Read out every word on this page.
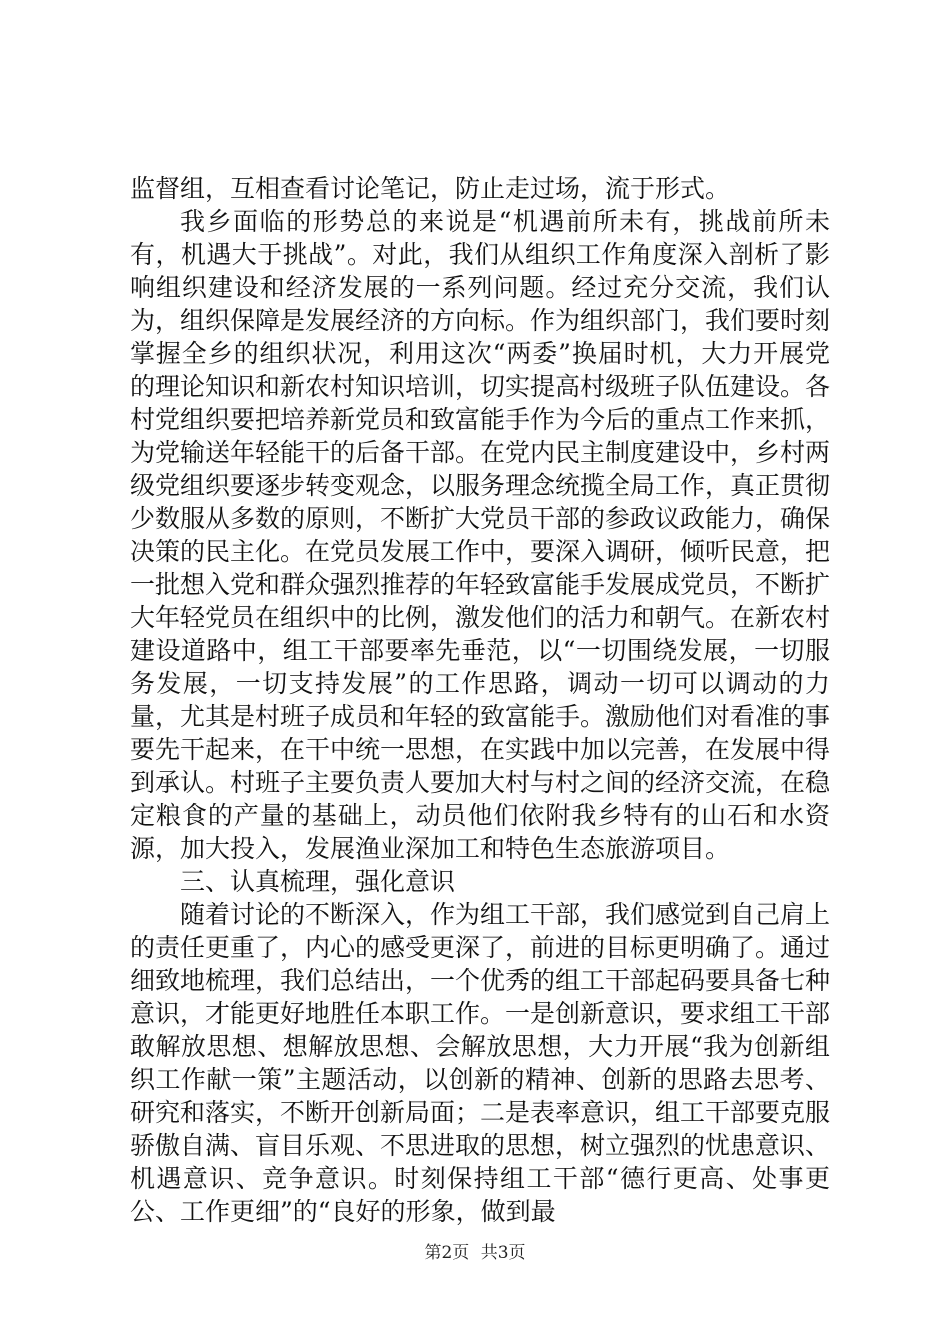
监督组，互相查看讨论笔记，防止走过场，流于形式。

我乡面临的形势总的来说是“机遇前所未有，挑战前所未有，机遇大于挑战”。对此，我们从组织工作角度深入剖析了影响组织建设和经济发展的一系列问题。经过充分交流，我们认为，组织保障是发展经济的方向标。作为组织部门，我们要时刻掌握全乡的组织状况，利用这次“两委”换届时机，大力开展党的理论知识和新农村知识培训，切实提高村级班子队伍建设。各村党组织要把培养新党员和致富能手作为今后的重点工作来抓，为党输送年轻能干的后备干部。在党内民主制度建设中，乡村两级党组织要逐步转变观念，以服务理念统揽全局工作，真正贯彻少数服从多数的原则，不断扩大党员干部的参政议政能力，确保决策的民主化。在党员发展工作中，要深入调研，倾听民意，把一批想入党和群众强烈推荐的年轻致富能手发展成党员，不断扩大年轻党员在组织中的比例，激发他们的活力和朝气。在新农村建设道路中，组工干部要率先垂范，以“一切围绕发展，一切服务发展，一切支持发展”的工作思路，调动一切可以调动的力量，尤其是村班子成员和年轻的致富能手。激励他们对看准的事要先干起来，在干中统一思想，在实践中加以完善，在发展中得到承认。村班子主要负责人要加大村与村之间的经济交流，在稳定粮食的产量的基础上，动员他们依附我乡特有的山石和水资源，加大投入，发展渔业深加工和特色生态旅游项目。

三、认真梳理，强化意识

随着讨论的不断深入，作为组工干部，我们感觉到自己肩上的责任更重了，内心的感受更深了，前进的目标更明确了。通过细致地梳理，我们总结出，一个优秀的组工干部起码要具备七种意识，才能更好地胜任本职工作。一是创新意识，要求组工干部敢解放思想、想解放思想、会解放思想，大力开展“我为创新组织工作献一策”主题活动，以创新的精神、创新的思路去思考、研究和落实，不断开创新局面；二是表率意识，组工干部要克服骄傲自满、盲目乐观、不思进取的思想，树立强烈的忧患意识、机遇意识、竞争意识。时刻保持组工干部“德行更高、处事更公、工作更细”的“良好的形象，做到最

第2页 共3页
